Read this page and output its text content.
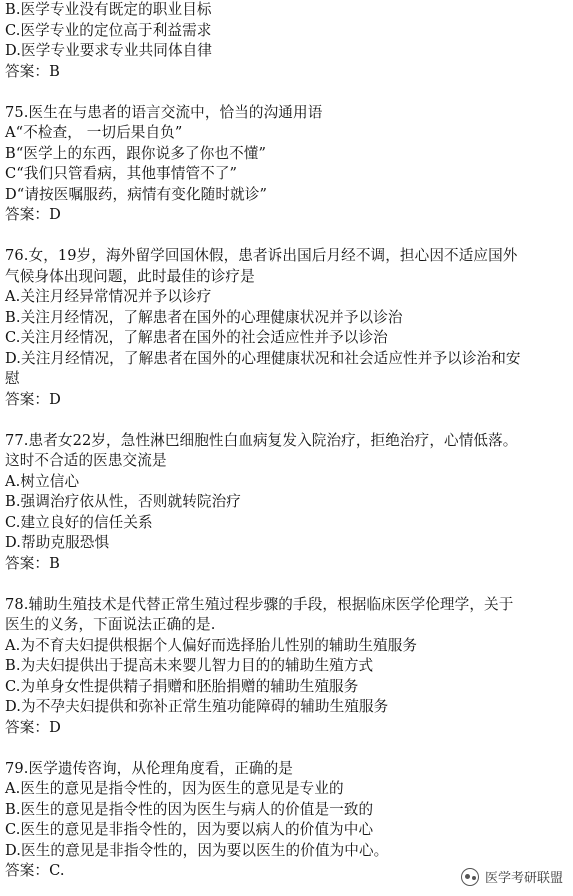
B.医学专业没有既定的职业目标
C.医学专业的定位高于利益需求
D.医学专业要求专业共同体自律
答案：B
75.医生在与患者的语言交流中，恰当的沟通用语
A“不检查， 一切后果自负”
B“医学上的东西，跟你说多了你也不懂”
C“我们只管看病，其他事情管不了”
D“请按医嘱服药，病情有变化随时就诊”
答案：D
76.女，19岁，海外留学回国休假，患者诉出国后月经不调，担心因不适应国外
气候身体出现问题，此时最佳的诊疗是
A.关注月经异常情况并予以诊疗
B.关注月经情况，了解患者在国外的心理健康状况并予以诊治
C.关注月经情况，了解患者在国外的社会适应性并予以诊治
D.关注月经情况，了解患者在国外的心理健康状况和社会适应性并予以诊治和安
慰
答案：D
77.患者女22岁，急性淋巴细胞性白血病复发入院治疗，拒绝治疗，心情低落。
这时不合适的医患交流是
A.树立信心
B.强调治疗依从性，否则就转院治疗
C.建立良好的信任关系
D.帮助克服恐惧
答案：B
78.辅助生殖技术是代替正常生殖过程步骤的手段，根据临床医学伦理学，关于
医生的义务，下面说法正确的是.
A.为不育夫妇提供根据个人偏好而选择胎儿性别的辅助生殖服务
B.为夫妇提供出于提高未来婴儿智力目的的辅助生殖方式
C.为单身女性提供精子捐赠和胚胎捐赠的辅助生殖服务
D.为不孕夫妇提供和弥补正常生殖功能障碍的辅助生殖服务
答案：D
79.医学遗传咨询，从伦理角度看，正确的是
A.医生的意见是指令性的，因为医生的意见是专业的
B.医生的意见是指令性的因为医生与病人的价值是一致的
C.医生的意见是非指令性的，因为要以病人的价值为中心
D.医生的意见是非指令性的，因为要以医生的价值为中心。
答案：C.	医学考研联盟
